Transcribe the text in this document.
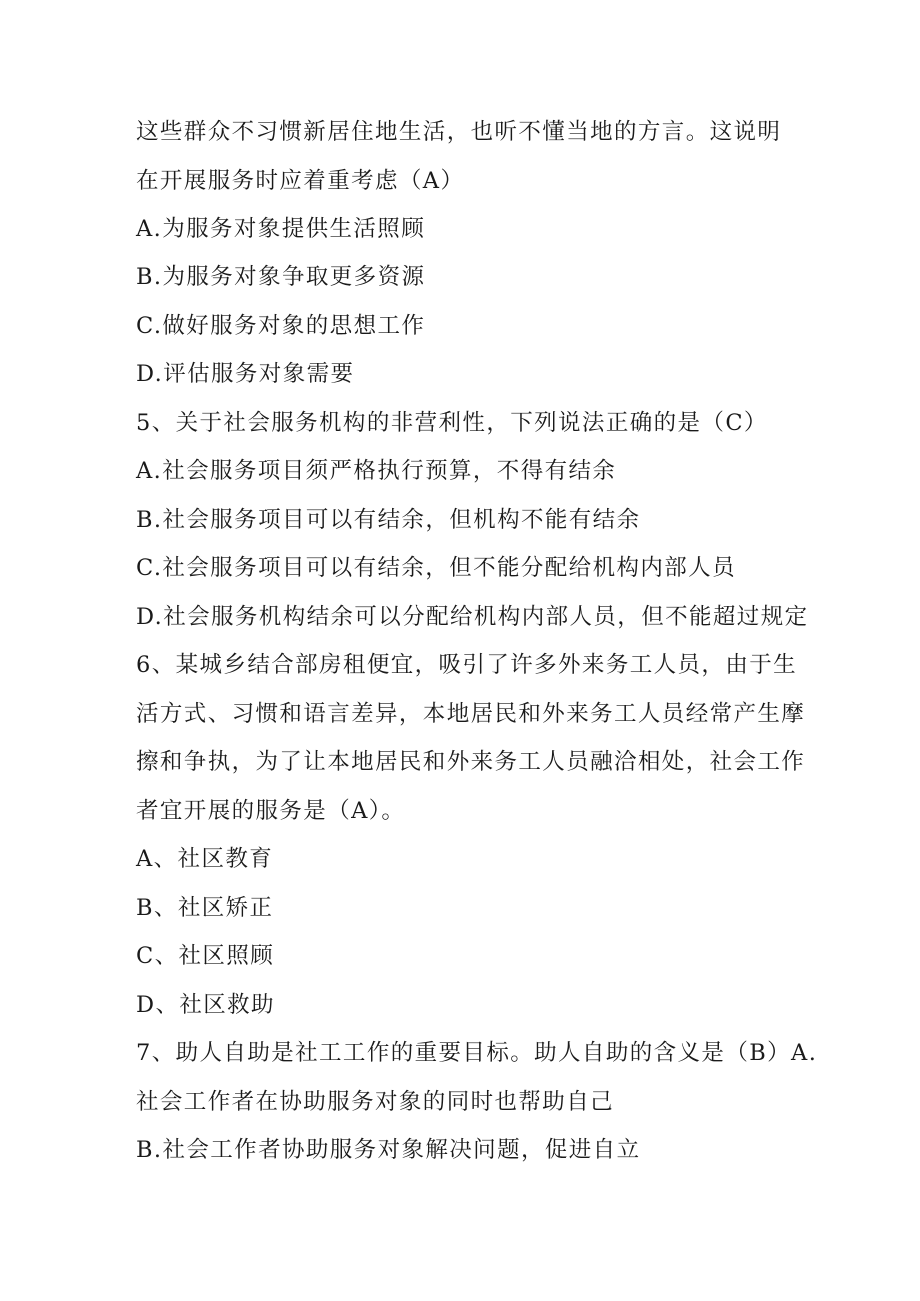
这些群众不习惯新居住地生活，也听不懂当地的方言。这说明
在开展服务时应着重考虑（A）
A.为服务对象提供生活照顾
B.为服务对象争取更多资源
C.做好服务对象的思想工作
D.评估服务对象需要
5、关于社会服务机构的非营利性，下列说法正确的是（C）
A.社会服务项目须严格执行预算，不得有结余
B.社会服务项目可以有结余，但机构不能有结余
C.社会服务项目可以有结余，但不能分配给机构内部人员
D.社会服务机构结余可以分配给机构内部人员，但不能超过规定
6、某城乡结合部房租便宜，吸引了许多外来务工人员，由于生
活方式、习惯和语言差异，本地居民和外来务工人员经常产生摩
擦和争执，为了让本地居民和外来务工人员融洽相处，社会工作
者宜开展的服务是（A）。
A、社区教育
B、社区矫正
C、社区照顾
D、社区救助
7、助人自助是社工工作的重要目标。助人自助的含义是（B）A.
社会工作者在协助服务对象的同时也帮助自己
B.社会工作者协助服务对象解决问题，促进自立
